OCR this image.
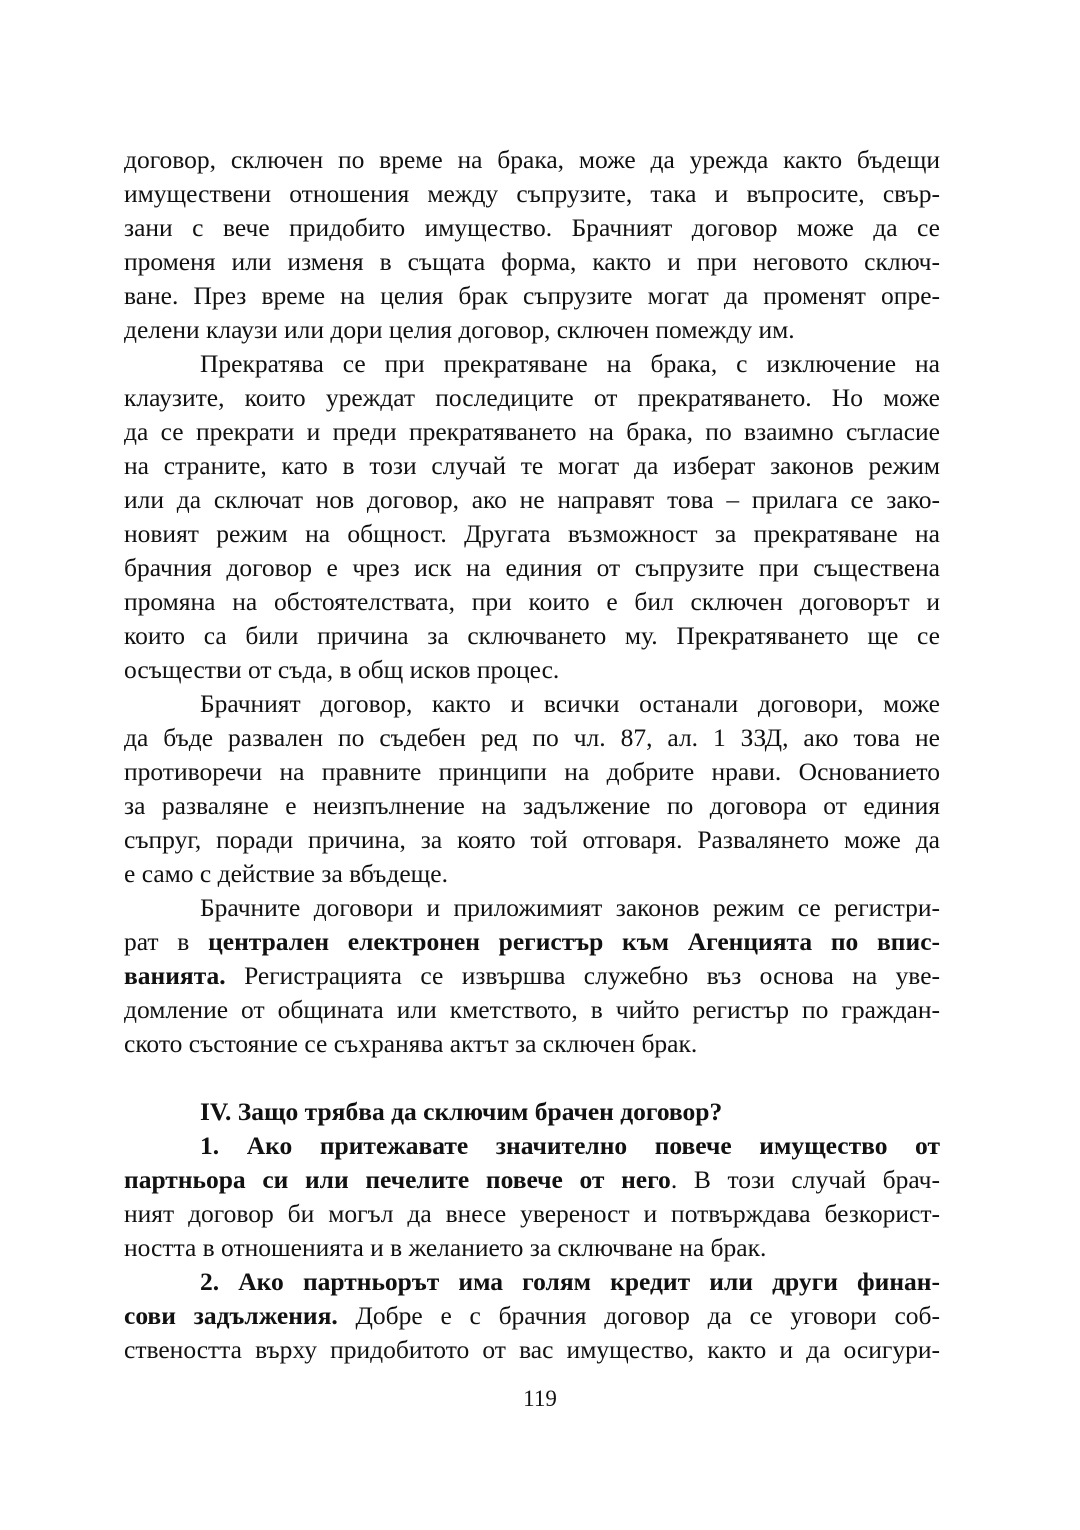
договор, сключен по време на брака, може да урежда както бъдещи
имуществени отношения между съпрузите, така и въпросите, свър-
зани с вече придобито имущество. Брачният договор може да се
променя или изменя в същата форма, както и при неговото сключ-
ване. През време на целия брак съпрузите могат да променят опре-
делени клаузи или дори целия договор, сключен помежду им.
Прекратява се при прекратяване на брака, с изключение на
клаузите, които уреждат последиците от прекратяването. Но може
да се прекрати и преди прекратяването на брака, по взаимно съгласие
на страните, като в този случай те могат да изберат законов режим
или да сключат нов договор, ако не направят това – прилага се зако-
новият режим на общност. Другата възможност за прекратяване на
брачния договор е чрез иск на единия от съпрузите при съществена
промяна на обстоятелствата, при които е бил сключен договорът и
които са били причина за сключването му. Прекратяването ще се
осъществи от съда, в общ исков процес.
Брачният договор, както и всички останали договори, може
да бъде развален по съдебен ред по чл. 87, ал. 1 ЗЗД, ако това не
противоречи на правните принципи на добрите нрави. Основанието
за разваляне е неизпълнение на задължение по договора от единия
съпруг, поради причина, за която той отговаря. Развалянето може да
е само с действие за вбъдеще.
Брачните договори и приложимият законов режим се регистри-
рат в централен електронен регистър към Агенцията по впис-
ванията. Регистрацията се извършва служебно въз основа на уве-
домление от общината или кметството, в чийто регистър по граждан-
ското състояние се съхранява актът за сключен брак.
IV. Защо трябва да сключим брачен договор?
1. Ако притежавате значително повече имущество от
партньора си или печелите повече от него. В този случай брач-
ният договор би могъл да внесе увереност и потвърждава безкорист-
ността в отношенията и в желанието за сключване на брак.
2. Ако партньорът има голям кредит или други финан-
сови задължения. Добре е с брачния договор да се уговори соб-
ствеността върху придобитото от вас имущество, както и да осигури-
119
